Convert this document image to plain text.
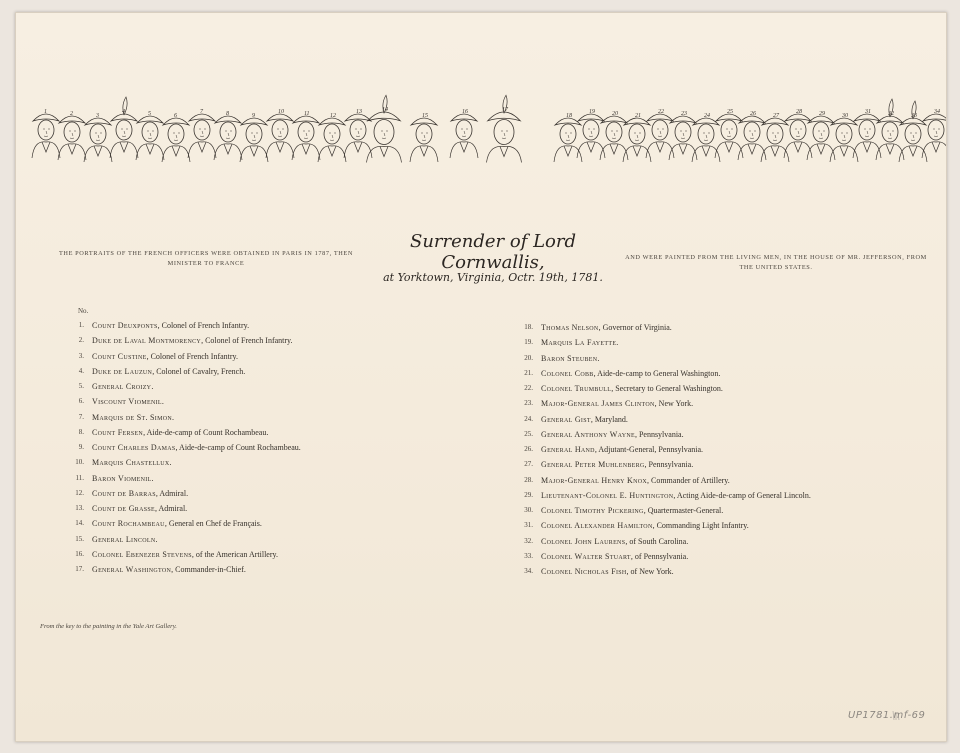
1	2	3
4	5	6
7	8	9
10	11	12
13	14
15
16	17
18
19	20	21
22	23	24
25	26	27
28	29	30
31	32	33
34
THE PORTRAITS OF THE FRENCH OFFICERS WERE OBTAINED IN PARIS IN 1787, THEN MINISTER TO FRANCE
Surrender of Lord Cornwallis,
at Yorktown, Virginia, Octr. 19th, 1781.
AND WERE PAINTED FROM THE LIVING MEN, IN THE HOUSE OF MR. JEFFERSON, FROM THE UNITED STATES.
No.
1.	Count Deuxponts , Colonel of French Infantry.
2.	Duke de Laval Montmorency , Colonel of French Infantry.
3.	Count Custine , Colonel of French Infantry.
4.	Duke de Lauzun , Colonel of Cavalry, French.
5.	General Croizy .
6.	Viscount Viomenil .
7.	Marquis de St. Simon .
8.	Count Fersen , Aide-de-camp of Count Rochambeau.
9.	Count Charles Damas , Aide-de-camp of Count Rochambeau.
10.	Marquis Chastellux .
11.	Baron Viomenil .
12.	Count de Barras , Admiral.
13.	Count de Grasse , Admiral.
14.	Count Rochambeau , General en Chef de Français.
15.	General Lincoln .
16.	Colonel Ebenezer Stevens , of the American Artillery.
17.	General Washington , Commander-in-Chief.
18.	Thomas Nelson , Governor of Virginia.
19.	Marquis La Fayette .
20.	Baron Steuben .
21.	Colonel Cobb , Aide-de-camp to General Washington.
22.	Colonel Trumbull , Secretary to General Washington.
23.	Major-General James Clinton , New York.
24.	General Gist , Maryland.
25.	General Anthony Wayne , Pennsylvania.
26.	General Hand , Adjutant-General, Pennsylvania.
27.	General Peter Muhlenberg , Pennsylvania.
28.	Major-General Henry Knox , Commander of Artillery.
29.	Lieutenant-Colonel E. Huntington , Acting Aide-de-camp of General Lincoln.
30.	Colonel Timothy Pickering , Quartermaster-General.
31.	Colonel Alexander Hamilton , Commanding Light Infantry.
32.	Colonel John Laurens , of South Carolina.
33.	Colonel Walter Stuart , of Pennsylvania.
34.	Colonel Nicholas Fish , of New York.
From the key to the painting in the Yale Art Gallery.
UP1781.mf-69
